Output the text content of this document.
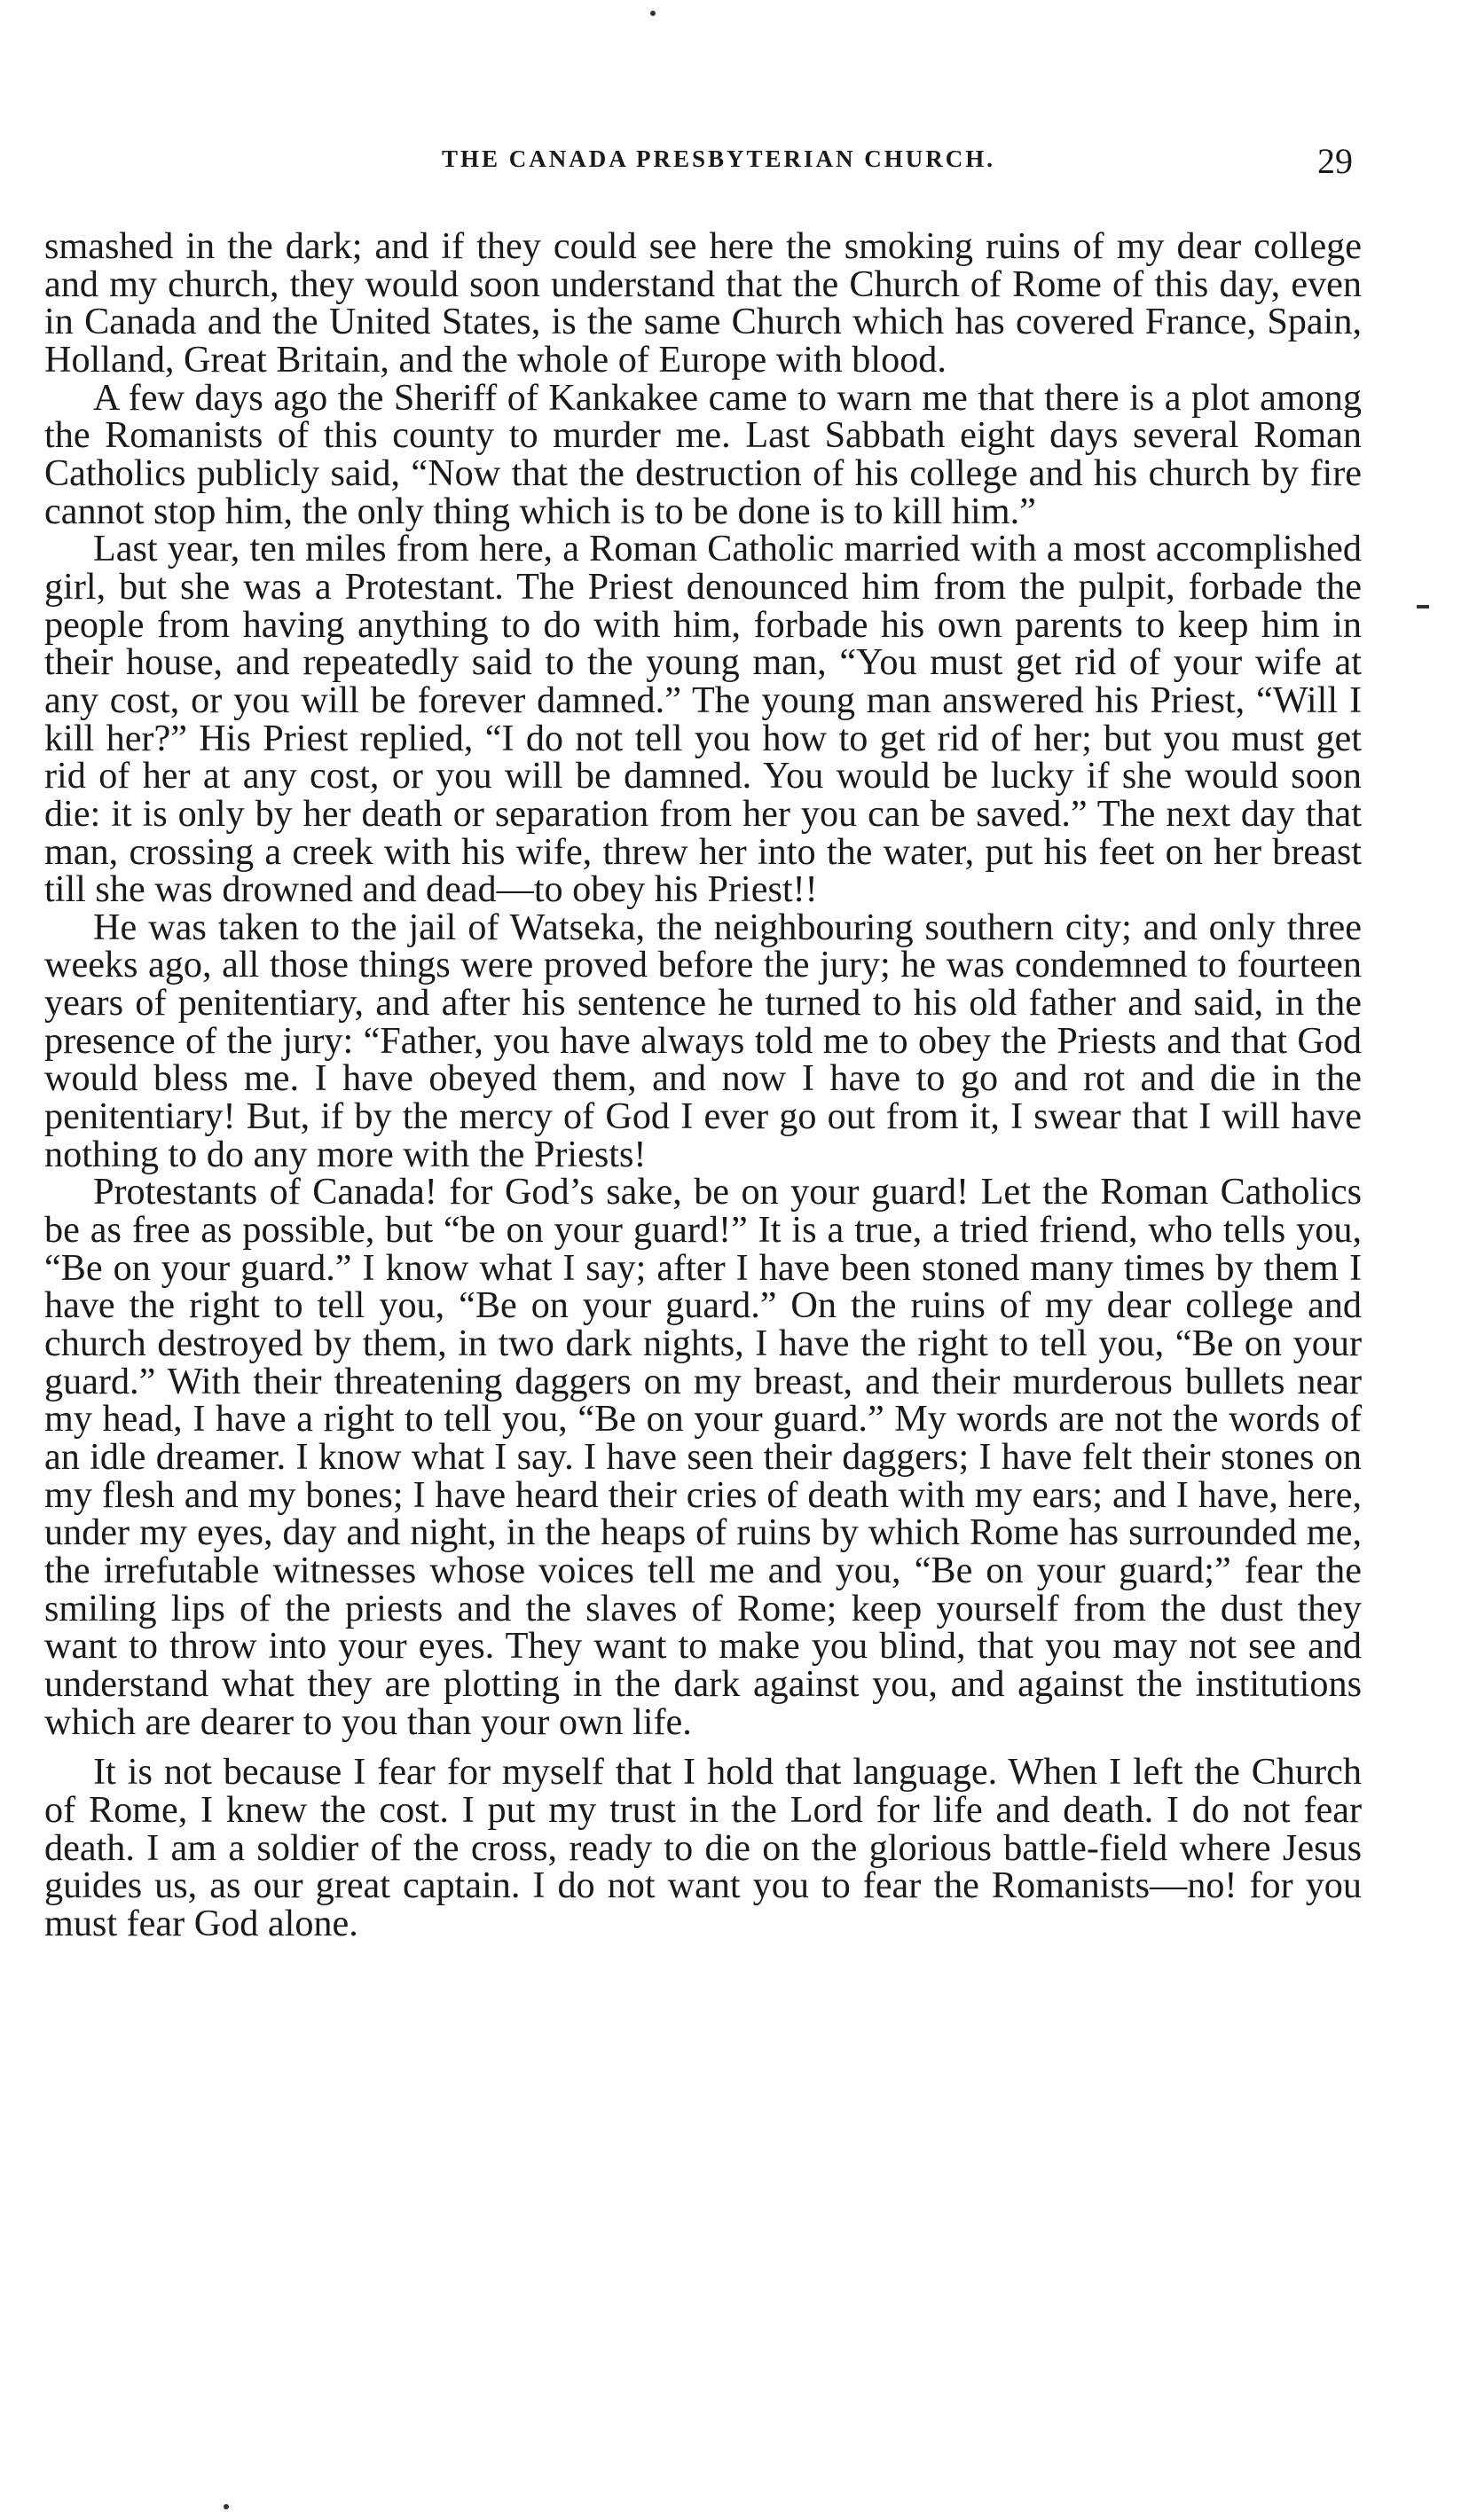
THE CANADA PRESBYTERIAN CHURCH.	29

smashed in the dark; and if they could see here the smoking ruins of my dear college and my church, they would soon understand that the Church of Rome of this day, even in Canada and the United States, is the same Church which has covered France, Spain, Holland, Great Britain, and the whole of Europe with blood.

A few days ago the Sheriff of Kankakee came to warn me that there is a plot among the Romanists of this county to murder me. Last Sabbath eight days several Roman Catholics publicly said, “Now that the destruction of his college and his church by fire cannot stop him, the only thing which is to be done is to kill him.”

Last year, ten miles from here, a Roman Catholic married with a most accomplished girl, but she was a Protestant. The Priest denounced him from the pulpit, forbade the people from having anything to do with him, forbade his own parents to keep him in their house, and repeatedly said to the young man, “You must get rid of your wife at any cost, or you will be forever damned.” The young man answered his Priest, “Will I kill her?” His Priest replied, “I do not tell you how to get rid of her; but you must get rid of her at any cost, or you will be damned. You would be lucky if she would soon die: it is only by her death or separation from her you can be saved.” The next day that man, crossing a creek with his wife, threw her into the water, put his feet on her breast till she was drowned and dead—to obey his Priest!!

He was taken to the jail of Watseka, the neighbouring southern city; and only three weeks ago, all those things were proved before the jury; he was condemned to fourteen years of penitentiary, and after his sentence he turned to his old father and said, in the presence of the jury: “Father, you have always told me to obey the Priests and that God would bless me. I have obeyed them, and now I have to go and rot and die in the penitentiary! But, if by the mercy of God I ever go out from it, I swear that I will have nothing to do any more with the Priests!

Protestants of Canada! for God’s sake, be on your guard! Let the Roman Catholics be as free as possible, but “be on your guard!” It is a true, a tried friend, who tells you, “Be on your guard.” I know what I say; after I have been stoned many times by them I have the right to tell you, “Be on your guard.” On the ruins of my dear college and church destroyed by them, in two dark nights, I have the right to tell you, “Be on your guard.” With their threatening daggers on my breast, and their murderous bullets near my head, I have a right to tell you, “Be on your guard.” My words are not the words of an idle dreamer. I know what I say. I have seen their daggers; I have felt their stones on my flesh and my bones; I have heard their cries of death with my ears; and I have, here, under my eyes, day and night, in the heaps of ruins by which Rome has surrounded me, the irrefutable witnesses whose voices tell me and you, “Be on your guard;” fear the smiling lips of the priests and the slaves of Rome; keep yourself from the dust they want to throw into your eyes. They want to make you blind, that you may not see and understand what they are plotting in the dark against you, and against the institutions which are dearer to you than your own life.

It is not because I fear for myself that I hold that language. When I left the Church of Rome, I knew the cost. I put my trust in the Lord for life and death. I do not fear death. I am a soldier of the cross, ready to die on the glorious battle-field where Jesus guides us, as our great captain. I do not want you to fear the Romanists—no! for you must fear God alone.
